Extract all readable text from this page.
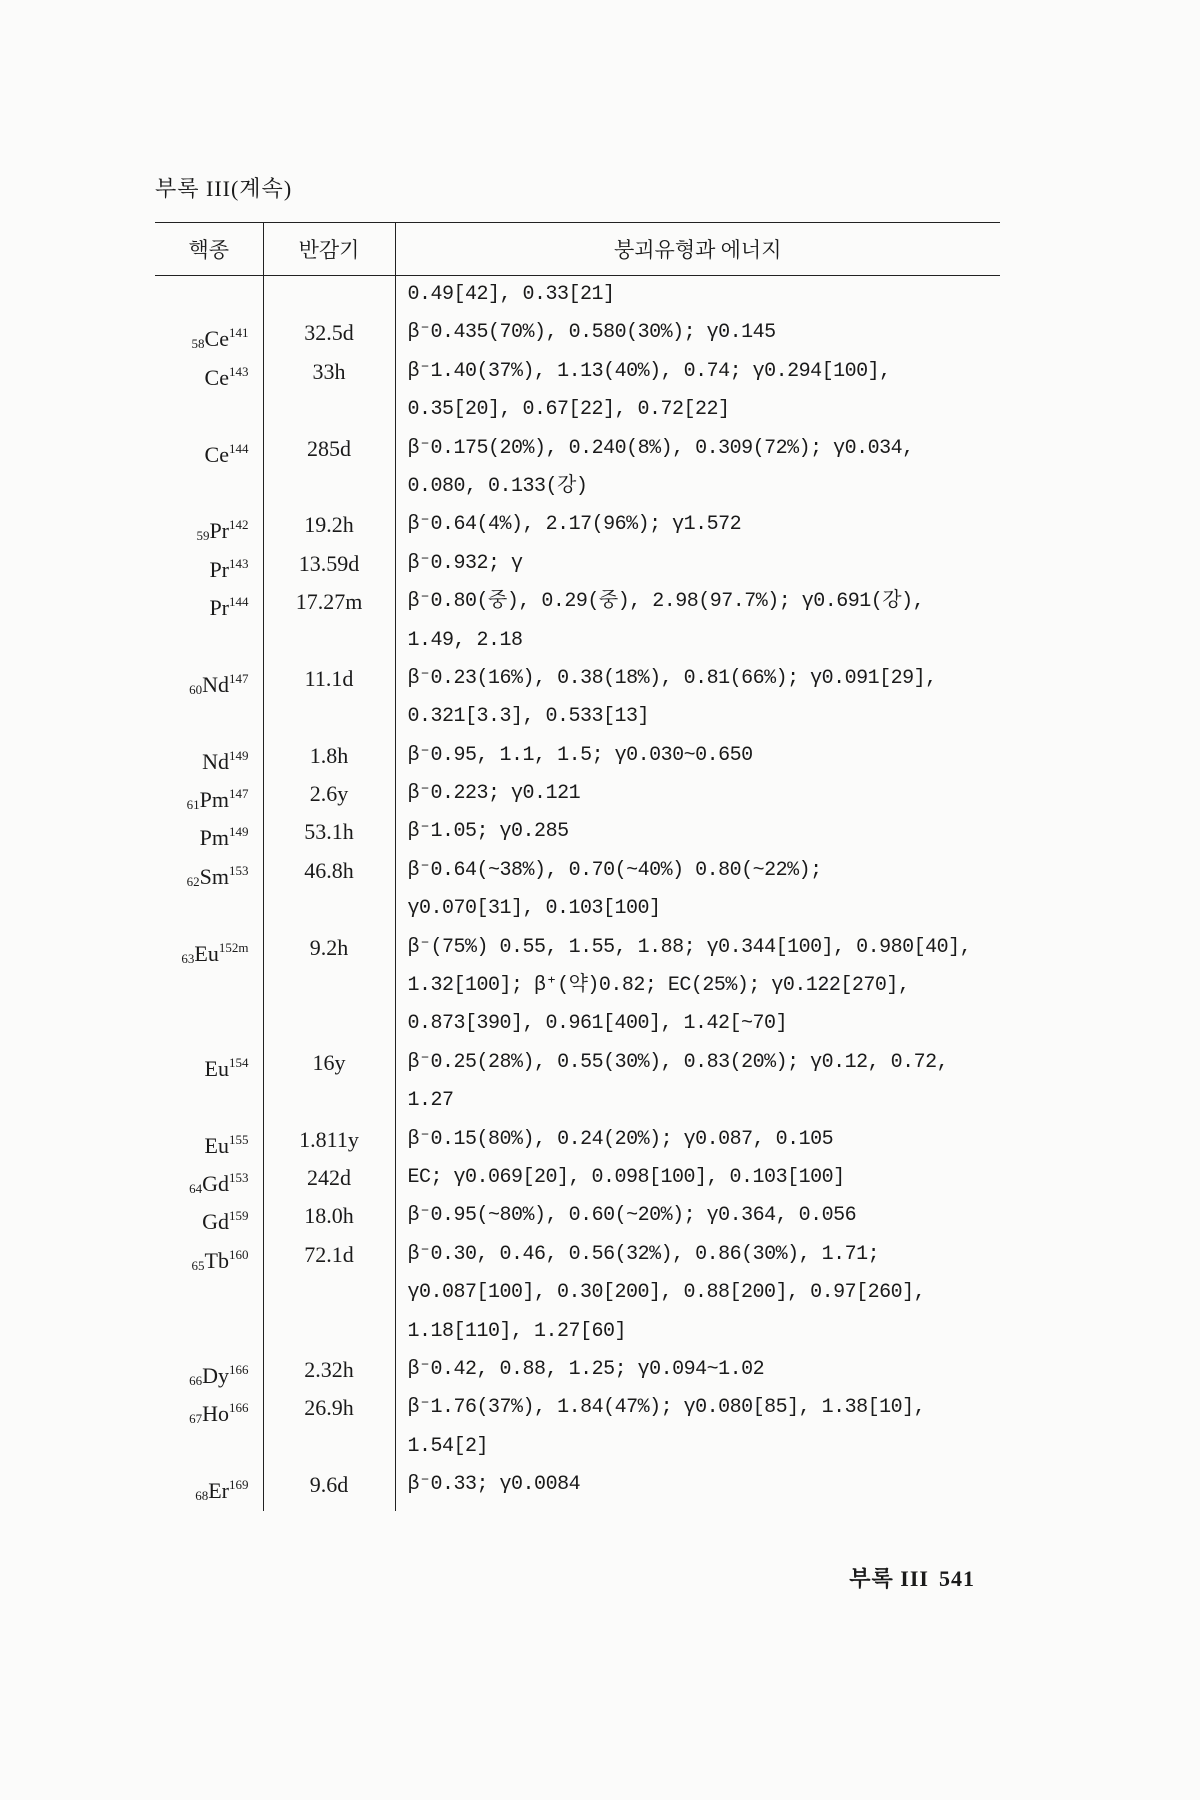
부록 III(계속)
핵종	반감기	붕괴유형과 에너지

		0.49[42], 0.33[21]

$_{58}Ce^{141}$	32.5d	β⁻0.435(70%), 0.580(30%); γ0.145

Ce$^{143}$	33h	β⁻1.40(37%), 1.13(40%), 0.74; γ0.294[100],
0.35[20], 0.67[22], 0.72[22]

Ce$^{144}$	285d	β⁻0.175(20%), 0.240(8%), 0.309(72%); γ0.034,
0.080, 0.133(강)

$_{59}Pr^{142}$	19.2h	β⁻0.64(4%), 2.17(96%); γ1.572

Pr$^{143}$	13.59d	β⁻0.932; γ

Pr$^{144}$	17.27m	β⁻0.80(중), 0.29(중), 2.98(97.7%); γ0.691(강),
1.49, 2.18

$_{60}Nd^{147}$	11.1d	β⁻0.23(16%), 0.38(18%), 0.81(66%); γ0.091[29],
0.321[3.3], 0.533[13]

Nd$^{149}$	1.8h	β⁻0.95, 1.1, 1.5; γ0.030~0.650

$_{61}Pm^{147}$	2.6y	β⁻0.223; γ0.121

Pm$^{149}$	53.1h	β⁻1.05; γ0.285

$_{62}Sm^{153}$	46.8h	β⁻0.64(~38%), 0.70(~40%) 0.80(~22%);
γ0.070[31], 0.103[100]

$_{63}Eu^{152m}$	9.2h	β⁻(75%) 0.55, 1.55, 1.88; γ0.344[100], 0.980[40],
1.32[100]; β⁺(약)0.82; EC(25%); γ0.122[270],
0.873[390], 0.961[400], 1.42[~70]

Eu$^{154}$	16y	β⁻0.25(28%), 0.55(30%), 0.83(20%); γ0.12, 0.72,
1.27

Eu$^{155}$	1.811y	β⁻0.15(80%), 0.24(20%); γ0.087, 0.105

$_{64}Gd^{153}$	242d	EC; γ0.069[20], 0.098[100], 0.103[100]

Gd$^{159}$	18.0h	β⁻0.95(~80%), 0.60(~20%); γ0.364, 0.056

$_{65}Tb^{160}$	72.1d	β⁻0.30, 0.46, 0.56(32%), 0.86(30%), 1.71;
γ0.087[100], 0.30[200], 0.88[200], 0.97[260],
1.18[110], 1.27[60]

$_{66}Dy^{166}$	2.32h	β⁻0.42, 0.88, 1.25; γ0.094~1.02

$_{67}Ho^{166}$	26.9h	β⁻1.76(37%), 1.84(47%); γ0.080[85], 1.38[10],
1.54[2]

$_{68}Er^{169}$	9.6d	β⁻0.33; γ0.0084
부록 III 541
